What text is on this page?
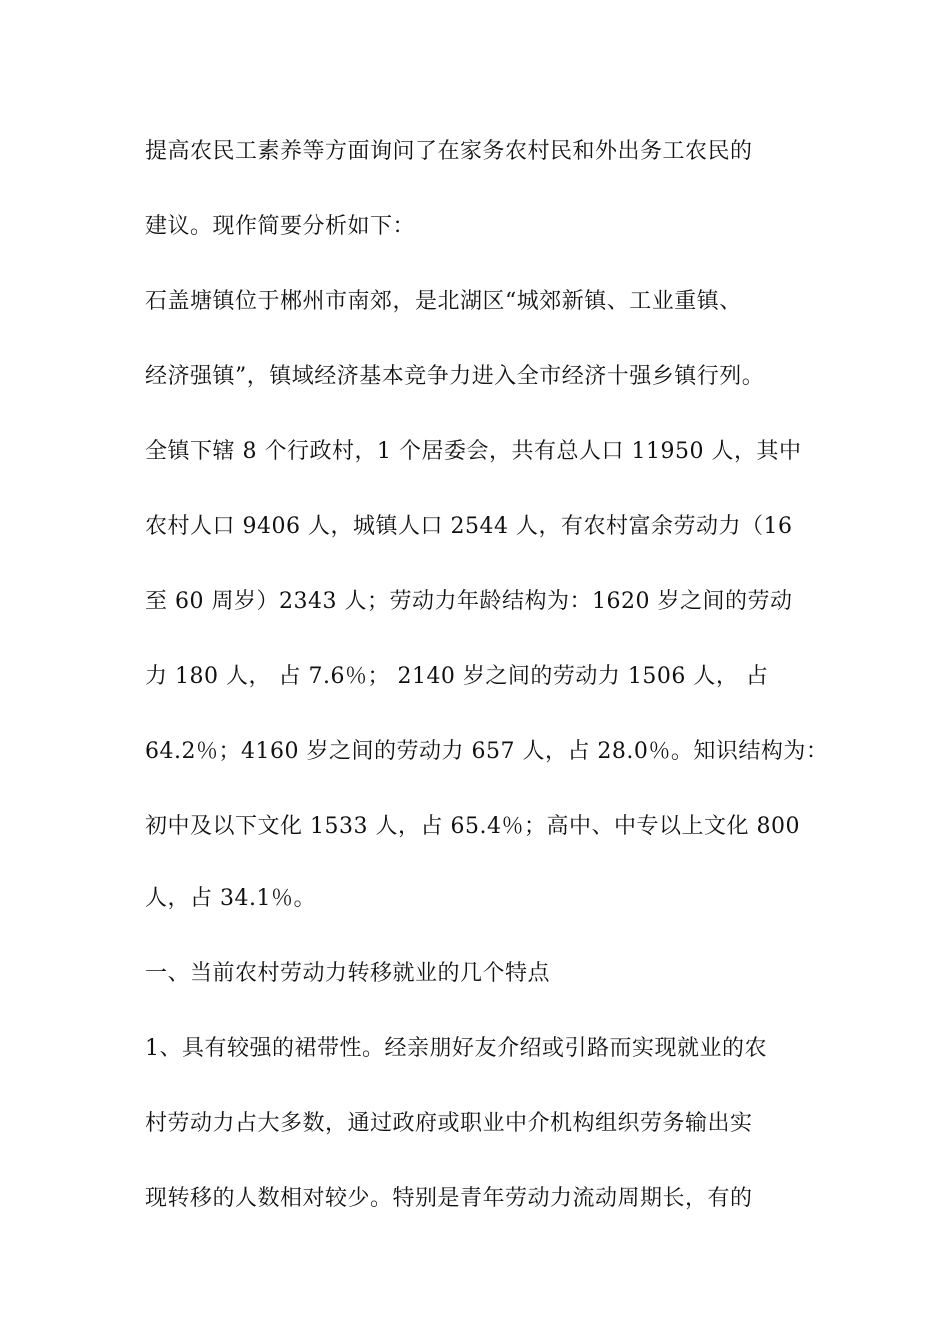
提高农民工素养等方面询问了在家务农村民和外出务工农民的

建议。现作简要分析如下：

石盖塘镇位于郴州市南郊，是北湖区“城郊新镇、工业重镇、

经济强镇”，镇域经济基本竞争力进入全市经济十强乡镇行列。

全镇下辖 8 个行政村，1 个居委会，共有总人口 11950 人，其中

农村人口 9406 人，城镇人口 2544 人，有农村富余劳动力（16

至 60 周岁）2343 人；劳动力年龄结构为：1620 岁之间的劳动

力 180 人， 占 7.6％； 2140 岁之间的劳动力 1506 人， 占

64.2％；4160 岁之间的劳动力 657 人，占 28.0％。知识结构为：

初中及以下文化 1533 人，占 65.4％；高中、中专以上文化 800

人，占 34.1％。

一、当前农村劳动力转移就业的几个特点

1、具有较强的裙带性。经亲朋好友介绍或引路而实现就业的农

村劳动力占大多数，通过政府或职业中介机构组织劳务输出实

现转移的人数相对较少。特别是青年劳动力流动周期长，有的
